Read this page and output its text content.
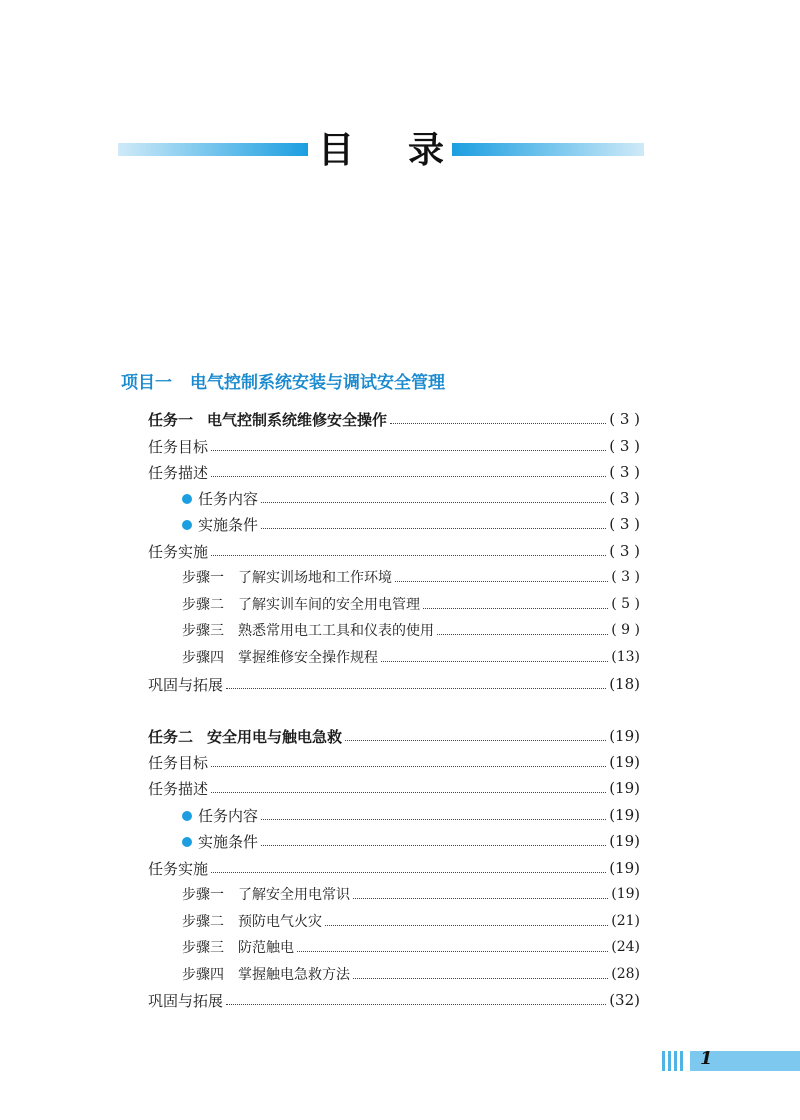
目 录
项目一 电气控制系统安装与调试安全管理
任务一 电气控制系统维修安全操作	( 3 )
任务目标	( 3 )
任务描述	( 3 )
任务内容	( 3 )
实施条件	( 3 )
任务实施	( 3 )
步骤一 了解实训场地和工作环境	( 3 )
步骤二 了解实训车间的安全用电管理	( 5 )
步骤三 熟悉常用电工工具和仪表的使用	( 9 )
步骤四 掌握维修安全操作规程	(13)
巩固与拓展	(18)
任务二 安全用电与触电急救	(19)
任务目标	(19)
任务描述	(19)
任务内容	(19)
实施条件	(19)
任务实施	(19)
步骤一 了解安全用电常识	(19)
步骤二 预防电气火灾	(21)
步骤三 防范触电	(24)
步骤四 掌握触电急救方法	(28)
巩固与拓展	(32)
1
